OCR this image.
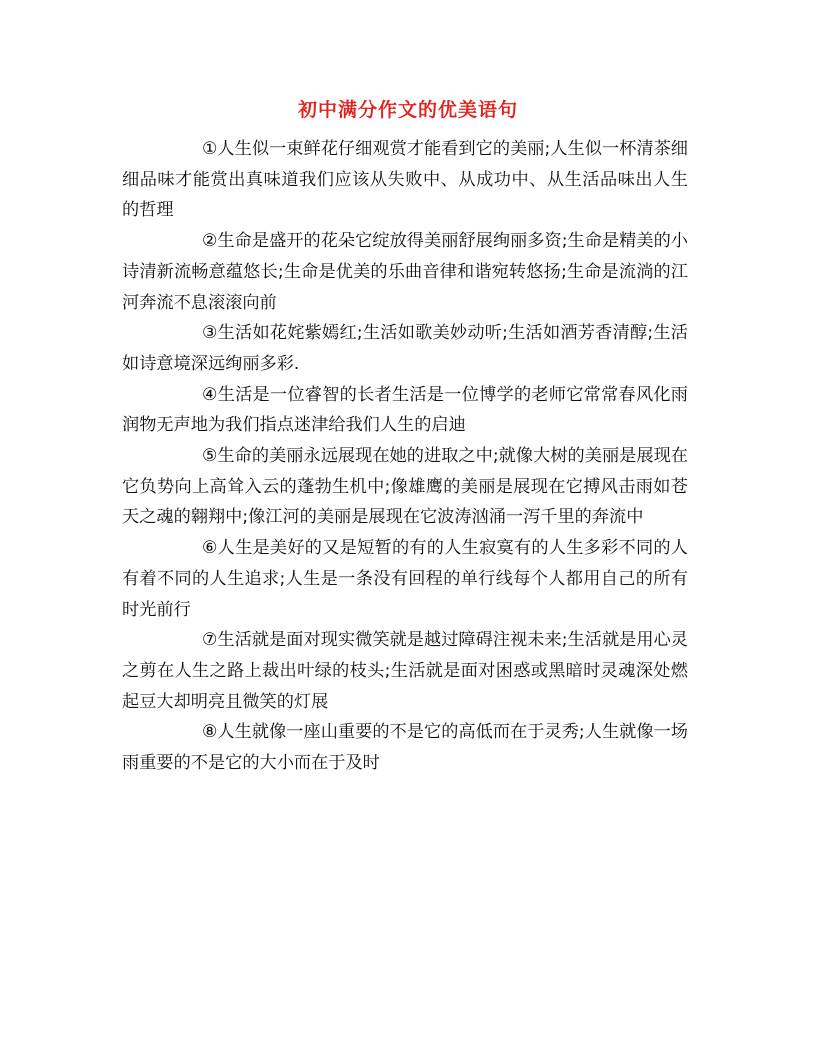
初中满分作文的优美语句

①人生似一束鲜花仔细观赏才能看到它的美丽;人生似一杯清茶细细品味才能赏出真味道我们应该从失败中、从成功中、从生活品味出人生的哲理

②生命是盛开的花朵它绽放得美丽舒展绚丽多资;生命是精美的小诗清新流畅意蕴悠长;生命是优美的乐曲音律和谐宛转悠扬;生命是流淌的江河奔流不息滚滚向前

③生活如花姹紫嫣红;生活如歌美妙动听;生活如酒芳香清醇;生活如诗意境深远绚丽多彩.

④生活是一位睿智的长者生活是一位博学的老师它常常春风化雨润物无声地为我们指点迷津给我们人生的启迪

⑤生命的美丽永远展现在她的进取之中;就像大树的美丽是展现在它负势向上高耸入云的蓬勃生机中;像雄鹰的美丽是展现在它搏风击雨如苍天之魂的翱翔中;像江河的美丽是展现在它波涛汹涌一泻千里的奔流中

⑥人生是美好的又是短暂的有的人生寂寞有的人生多彩不同的人有着不同的人生追求;人生是一条没有回程的单行线每个人都用自己的所有时光前行

⑦生活就是面对现实微笑就是越过障碍注视未来;生活就是用心灵之剪在人生之路上裁出叶绿的枝头;生活就是面对困惑或黑暗时灵魂深处燃起豆大却明亮且微笑的灯展

⑧人生就像一座山重要的不是它的高低而在于灵秀;人生就像一场雨重要的不是它的大小而在于及时
